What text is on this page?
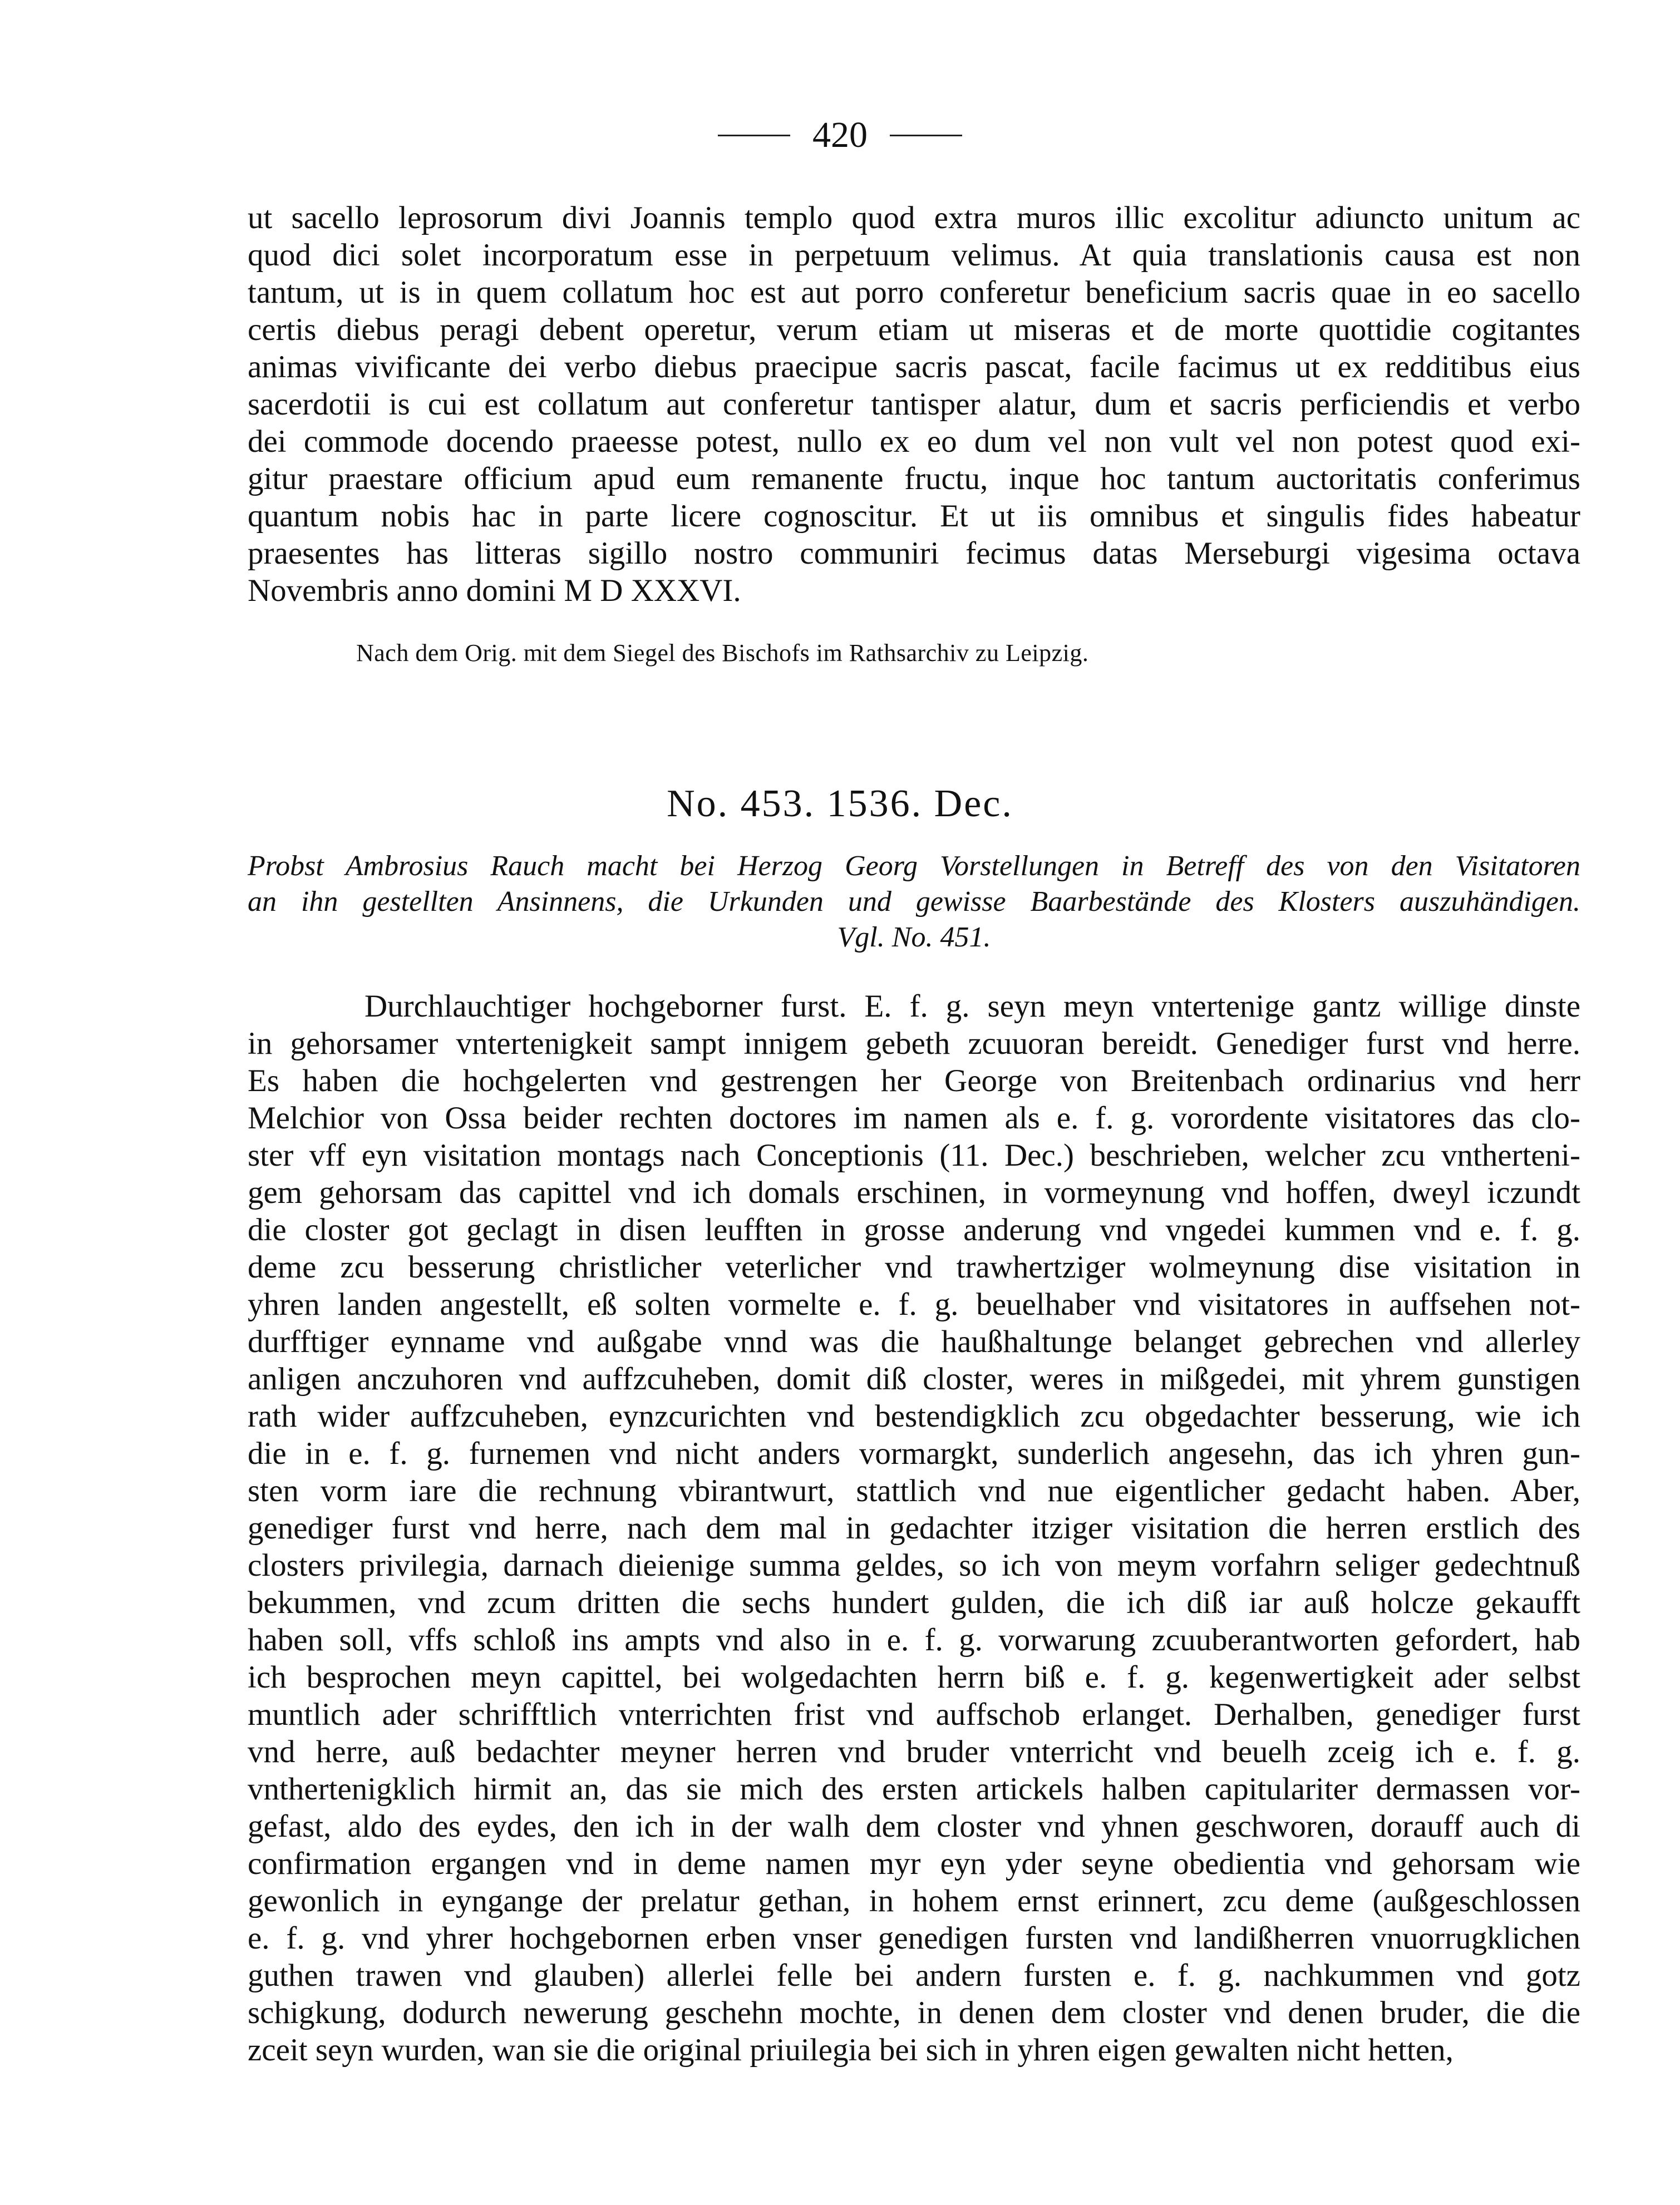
420
ut sacello leprosorum divi Joannis templo quod extra muros illic excolitur adiuncto unitum ac
quod dici solet incorporatum esse in perpetuum velimus. At quia translationis causa est non
tantum, ut is in quem collatum hoc est aut porro conferetur beneficium sacris quae in eo sacello
certis diebus peragi debent operetur, verum etiam ut miseras et de morte quottidie cogitantes
animas vivificante dei verbo diebus praecipue sacris pascat, facile facimus ut ex redditibus eius
sacerdotii is cui est collatum aut conferetur tantisper alatur, dum et sacris perficiendis et verbo
dei commode docendo praeesse potest, nullo ex eo dum vel non vult vel non potest quod exi-
gitur praestare officium apud eum remanente fructu, inque hoc tantum auctoritatis conferimus
quantum nobis hac in parte licere cognoscitur. Et ut iis omnibus et singulis fides habeatur
praesentes has litteras sigillo nostro communiri fecimus datas Merseburgi vigesima octava
Novembris anno domini M D XXXVI.
Nach dem Orig. mit dem Siegel des Bischofs im Rathsarchiv zu Leipzig.
No. 453. 1536. Dec.
Probst Ambrosius Rauch macht bei Herzog Georg Vorstellungen in Betreff des von den Visitatoren
an ihn gestellten Ansinnens, die Urkunden und gewisse Baarbestände des Klosters auszuhändigen.
Vgl. No. 451.
Durchlauchtiger hochgeborner furst. E. f. g. seyn meyn vntertenige gantz willige dinste
in gehorsamer vntertenigkeit sampt innigem gebeth zcuuoran bereidt. Genediger furst vnd herre.
Es haben die hochgelerten vnd gestrengen her George von Breitenbach ordinarius vnd herr
Melchior von Ossa beider rechten doctores im namen als e. f. g. vorordente visitatores das clo-
ster vff eyn visitation montags nach Conceptionis (11. Dec.) beschrieben, welcher zcu vntherteni-
gem gehorsam das capittel vnd ich domals erschinen, in vormeynung vnd hoffen, dweyl iczundt
die closter got geclagt in disen leufften in grosse anderung vnd vngedei kummen vnd e. f. g.
deme zcu besserung christlicher veterlicher vnd trawhertziger wolmeynung dise visitation in
yhren landen angestellt, eß solten vormelte e. f. g. beuelhaber vnd visitatores in auffsehen not-
durfftiger eynname vnd außgabe vnnd was die haußhaltunge belanget gebrechen vnd allerley
anligen anczuhoren vnd auffzcuheben, domit diß closter, weres in mißgedei, mit yhrem gunstigen
rath wider auffzcuheben, eynzcurichten vnd bestendigklich zcu obgedachter besserung, wie ich
die in e. f. g. furnemen vnd nicht anders vormargkt, sunderlich angesehn, das ich yhren gun-
sten vorm iare die rechnung vbirantwurt, stattlich vnd nue eigentlicher gedacht haben. Aber,
genediger furst vnd herre, nach dem mal in gedachter itziger visitation die herren erstlich des
closters privilegia, darnach dieienige summa geldes, so ich von meym vorfahrn seliger gedechtnuß
bekummen, vnd zcum dritten die sechs hundert gulden, die ich diß iar auß holcze gekaufft
haben soll, vffs schloß ins ampts vnd also in e. f. g. vorwarung zcuuberantworten gefordert, hab
ich besprochen meyn capittel, bei wolgedachten herrn biß e. f. g. kegenwertigkeit ader selbst
muntlich ader schrifftlich vnterrichten frist vnd auffschob erlanget. Derhalben, genediger furst
vnd herre, auß bedachter meyner herren vnd bruder vnterricht vnd beuelh zceig ich e. f. g.
vnthertenigklich hirmit an, das sie mich des ersten artickels halben capitulariter dermassen vor-
gefast, aldo des eydes, den ich in der walh dem closter vnd yhnen geschworen, dorauff auch di
confirmation ergangen vnd in deme namen myr eyn yder seyne obedientia vnd gehorsam wie
gewonlich in eyngange der prelatur gethan, in hohem ernst erinnert, zcu deme (außgeschlossen
e. f. g. vnd yhrer hochgebornen erben vnser genedigen fursten vnd landißherren vnuorrugklichen
guthen trawen vnd glauben) allerlei felle bei andern fursten e. f. g. nachkummen vnd gotz
schigkung, dodurch newerung geschehn mochte, in denen dem closter vnd denen bruder, die die
zceit seyn wurden, wan sie die original priuilegia bei sich in yhren eigen gewalten nicht hetten,
